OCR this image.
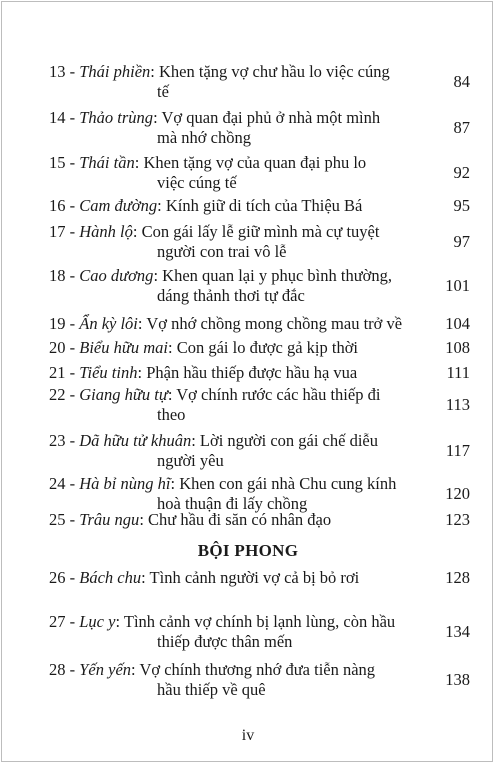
13 - Thái phiền: Khen tặng vợ chư hầu lo việc cúng
tế
84
14 - Thảo trùng: Vợ quan đại phủ ở nhà một mình
mà nhớ chồng
87
15 - Thái tần: Khen tặng vợ của quan đại phu lo
việc cúng tế
92
16 - Cam đường: Kính giữ di tích của Thiệu Bá	95
17 - Hành lộ: Con gái lấy lễ giữ mình mà cự tuyệt
người con trai vô lễ
97
18 - Cao dương: Khen quan lại y phục bình thường,
dáng thảnh thơi tự đắc
101
19 - Ẩn kỳ lôi: Vợ nhớ chồng mong chồng mau trở về	104
20 - Biểu hữu mai: Con gái lo được gả kịp thời	108
21 - Tiểu tinh: Phận hầu thiếp được hầu hạ vua	111
22 - Giang hữu tự: Vợ chính rước các hầu thiếp đi
theo
113
23 - Dã hữu tử khuân: Lời người con gái chế diễu
người yêu
117
24 - Hà bỉ nùng hĩ: Khen con gái nhà Chu cung kính
hoà thuận đi lấy chồng
120
25 - Trâu ngu: Chư hầu đi săn có nhân đạo	123
BỘI PHONG
26 - Bách chu: Tình cảnh người vợ cả bị bỏ rơi	128
27 - Lục y: Tình cảnh vợ chính bị lạnh lùng, còn hầu
thiếp được thân mến
134
28 - Yến yến: Vợ chính thương nhớ đưa tiễn nàng
hầu thiếp về quê
138
iv
